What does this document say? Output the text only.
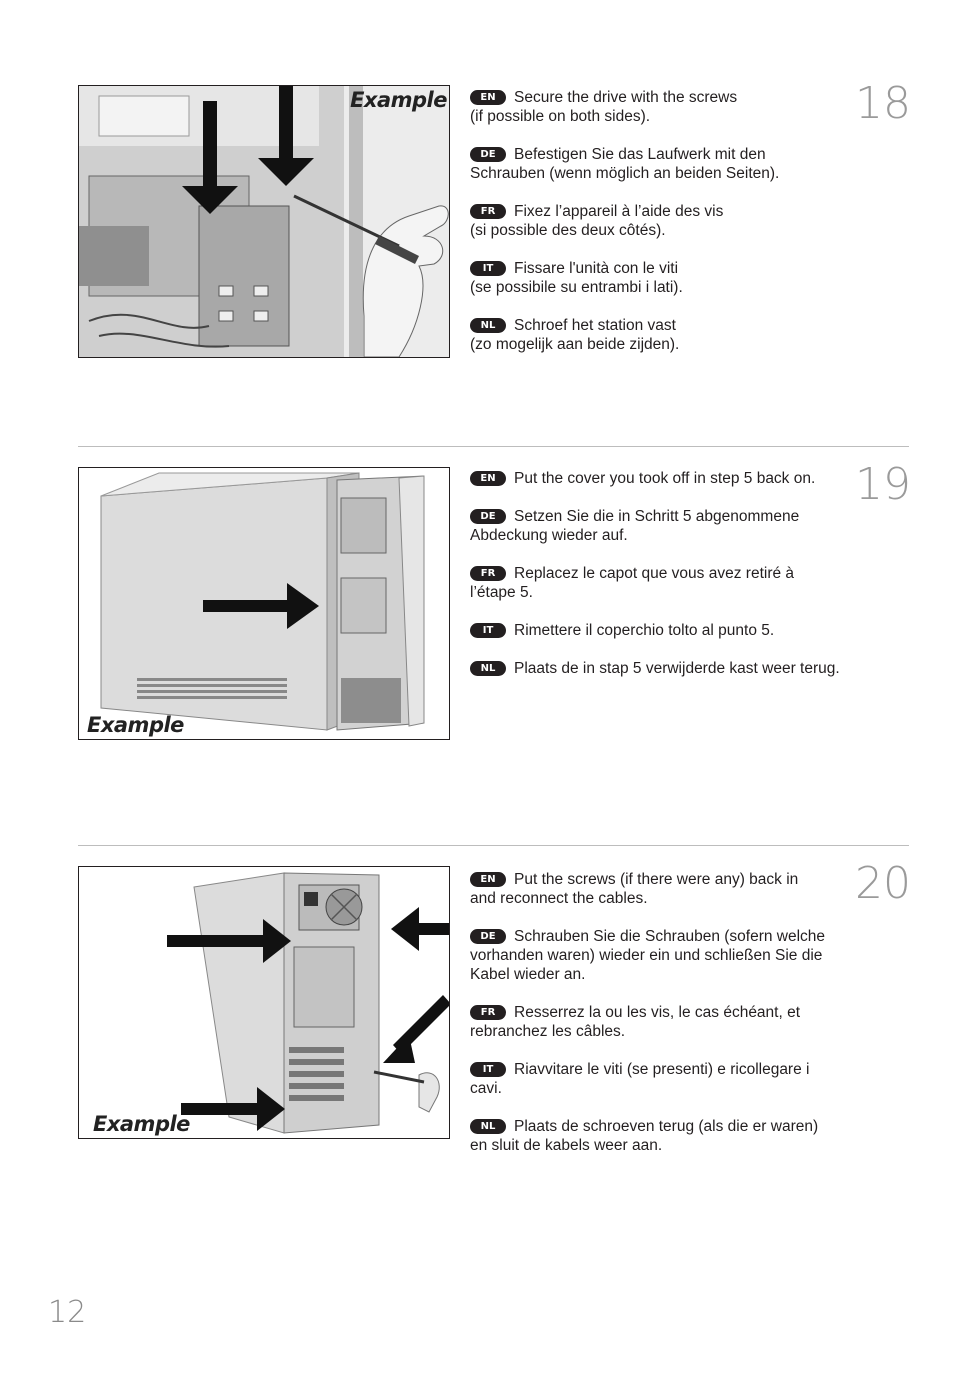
Example	18
EN Secure the drive with the screws
(if possible on both sides).
DE Befestigen Sie das Laufwerk mit den
Schrauben (wenn möglich an beiden Seiten).
FR Fixez l’appareil à l’aide des vis
(si possible des deux côtés).
IT Fissare l'unità con le viti
(se possibile su entrambi i lati).
NL Schroef het station vast
(zo mogelijk aan beide zijden).
Example
19
EN Put the cover you took off in step 5 back on.
DE Setzen Sie die in Schritt 5 abgenommene
Abdeckung wieder auf.
FR Replacez le capot que vous avez retiré à
l’étape 5.
IT Rimettere il coperchio tolto al punto 5.
NL Plaats de in stap 5 verwijderde kast weer terug.
Example
20
EN Put the screws (if there were any) back in
and reconnect the cables.
DE Schrauben Sie die Schrauben (sofern welche
vorhanden waren) wieder ein und schließen Sie die
Kabel wieder an.
FR Resserrez la ou les vis, le cas échéant, et
rebranchez les câbles.
IT Riavvitare le viti (se presenti) e ricollegare i
cavi.
NL Plaats de schroeven terug (als die er waren)
en sluit de kabels weer aan.
12
